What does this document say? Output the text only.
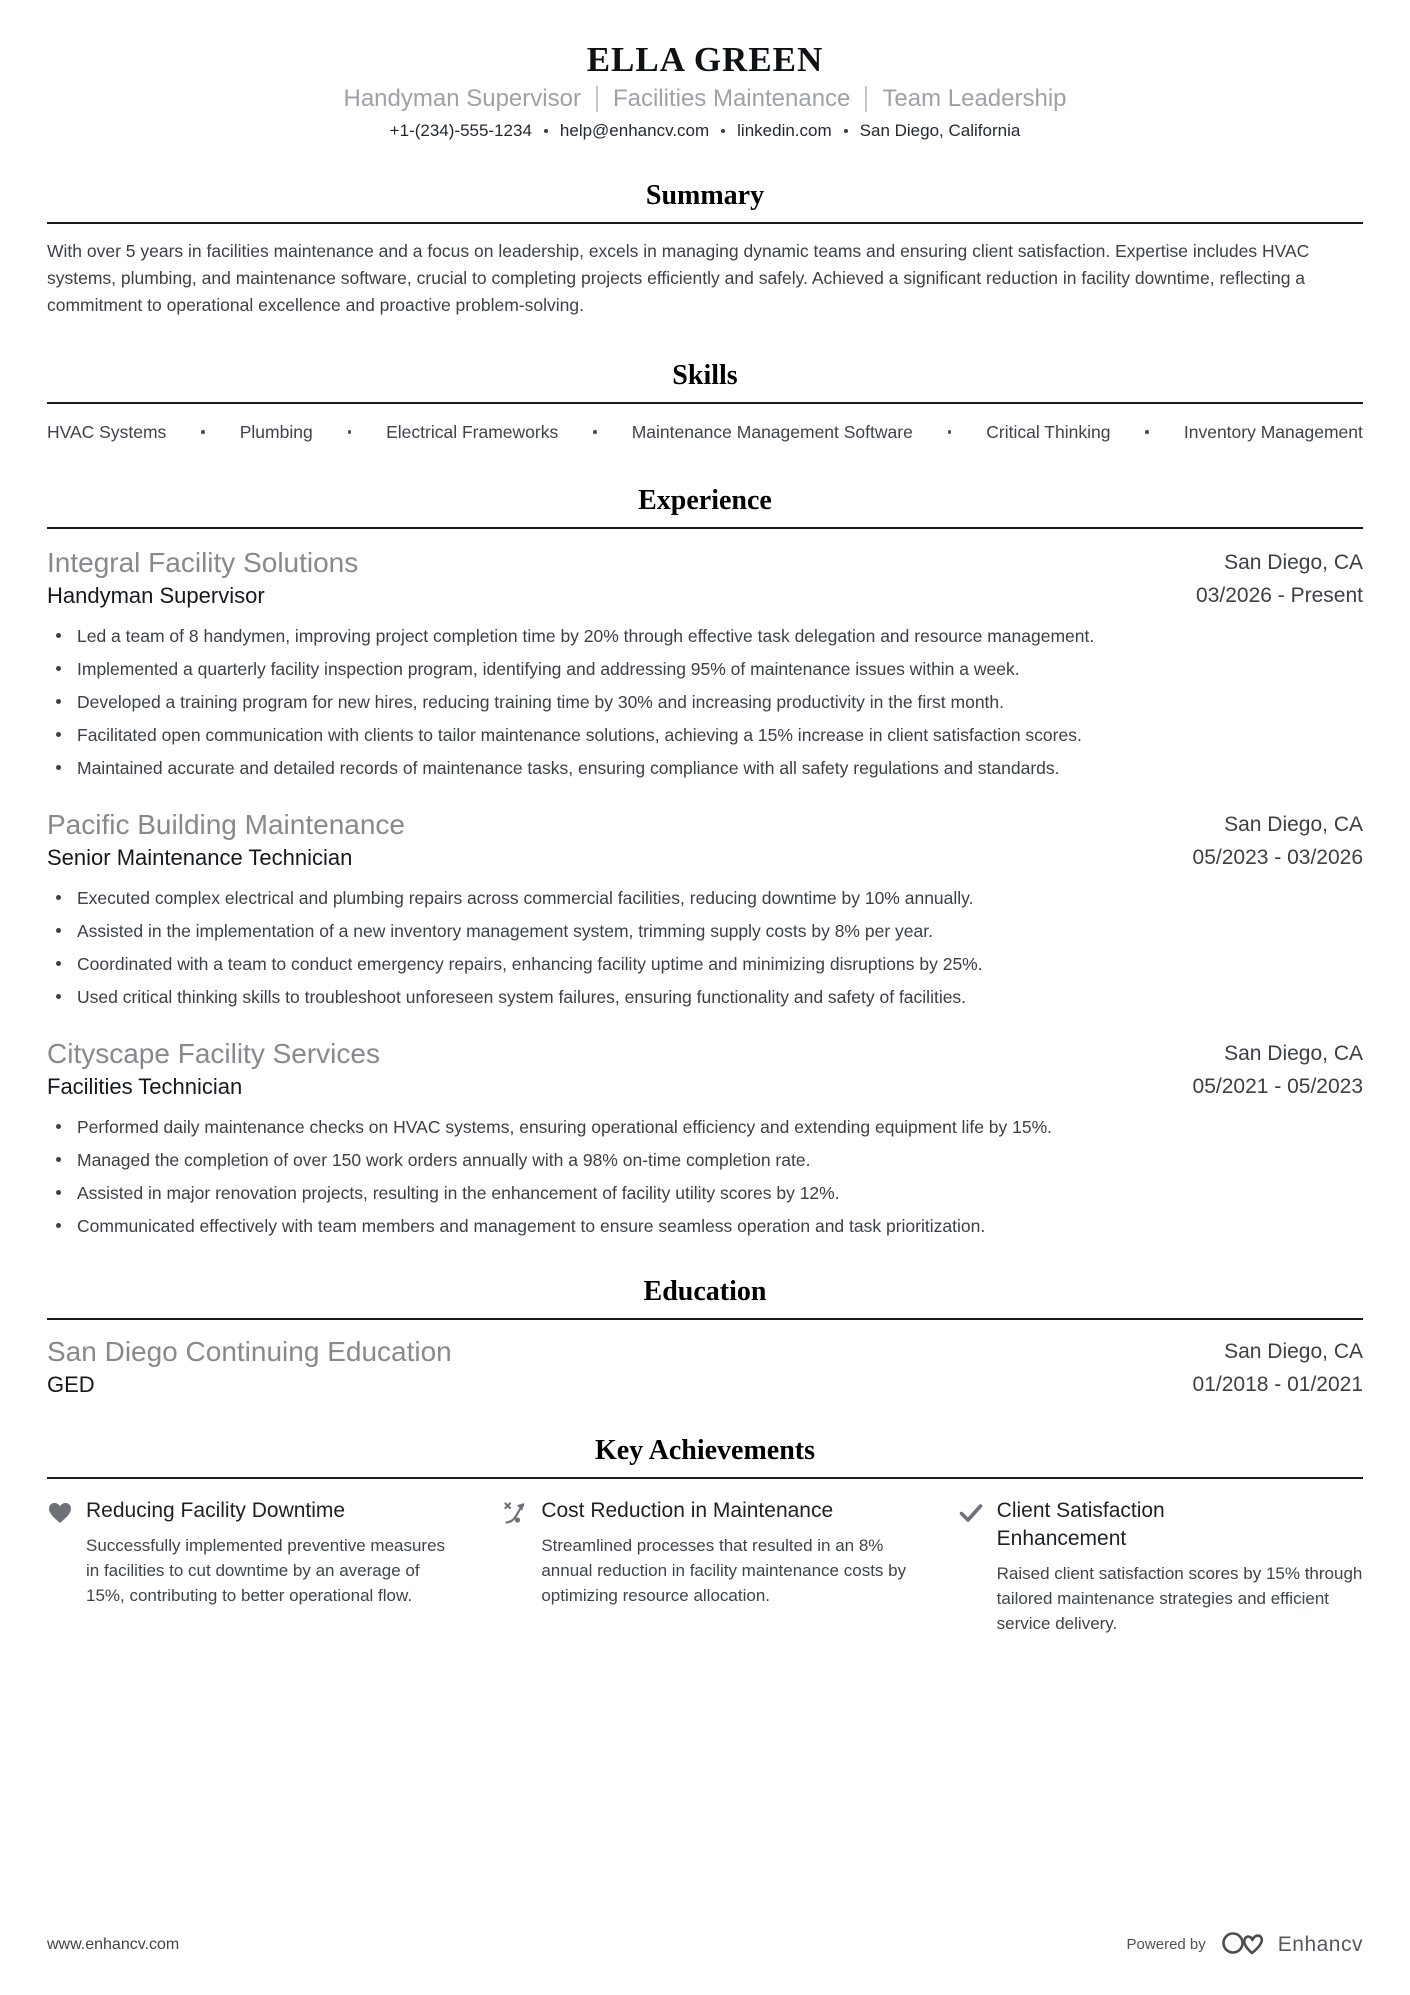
ELLA GREEN
Handyman Supervisor Facilities Maintenance Team Leadership
+1-(234)-555-1234 help@enhancv.com linkedin.com San Diego, California
Summary

With over 5 years in facilities maintenance and a focus on leadership, excels in managing dynamic teams and ensuring client satisfaction. Expertise includes HVAC systems, plumbing, and maintenance software, crucial to completing projects efficiently and safely. Achieved a significant reduction in facility downtime, reflecting a commitment to operational excellence and proactive problem-solving.

Skills
HVAC Systems	Plumbing	Electrical Frameworks	Maintenance Management Software	Critical Thinking	Inventory Management
Experience
Integral Facility Solutions
Handyman Supervisor
San Diego, CA
03/2026 - Present
Led a team of 8 handymen, improving project completion time by 20% through effective task delegation and resource management.
Implemented a quarterly facility inspection program, identifying and addressing 95% of maintenance issues within a week.
Developed a training program for new hires, reducing training time by 30% and increasing productivity in the first month.
Facilitated open communication with clients to tailor maintenance solutions, achieving a 15% increase in client satisfaction scores.
Maintained accurate and detailed records of maintenance tasks, ensuring compliance with all safety regulations and standards.
Pacific Building Maintenance
Senior Maintenance Technician
San Diego, CA
05/2023 - 03/2026
Executed complex electrical and plumbing repairs across commercial facilities, reducing downtime by 10% annually.
Assisted in the implementation of a new inventory management system, trimming supply costs by 8% per year.
Coordinated with a team to conduct emergency repairs, enhancing facility uptime and minimizing disruptions by 25%.
Used critical thinking skills to troubleshoot unforeseen system failures, ensuring functionality and safety of facilities.
Cityscape Facility Services
Facilities Technician
San Diego, CA
05/2021 - 05/2023
Performed daily maintenance checks on HVAC systems, ensuring operational efficiency and extending equipment life by 15%.
Managed the completion of over 150 work orders annually with a 98% on-time completion rate.
Assisted in major renovation projects, resulting in the enhancement of facility utility scores by 12%.
Communicated effectively with team members and management to ensure seamless operation and task prioritization.
Education
San Diego Continuing Education
GED
San Diego, CA
01/2018 - 01/2021
Key Achievements
Reducing Facility Downtime
Successfully implemented preventive measures in facilities to cut downtime by an average of 15%, contributing to better operational flow.
Cost Reduction in Maintenance
Streamlined processes that resulted in an 8% annual reduction in facility maintenance costs by optimizing resource allocation.
Client Satisfaction Enhancement
Raised client satisfaction scores by 15% through tailored maintenance strategies and efficient service delivery.
www.enhancv.com	Powered by	Enhancv
